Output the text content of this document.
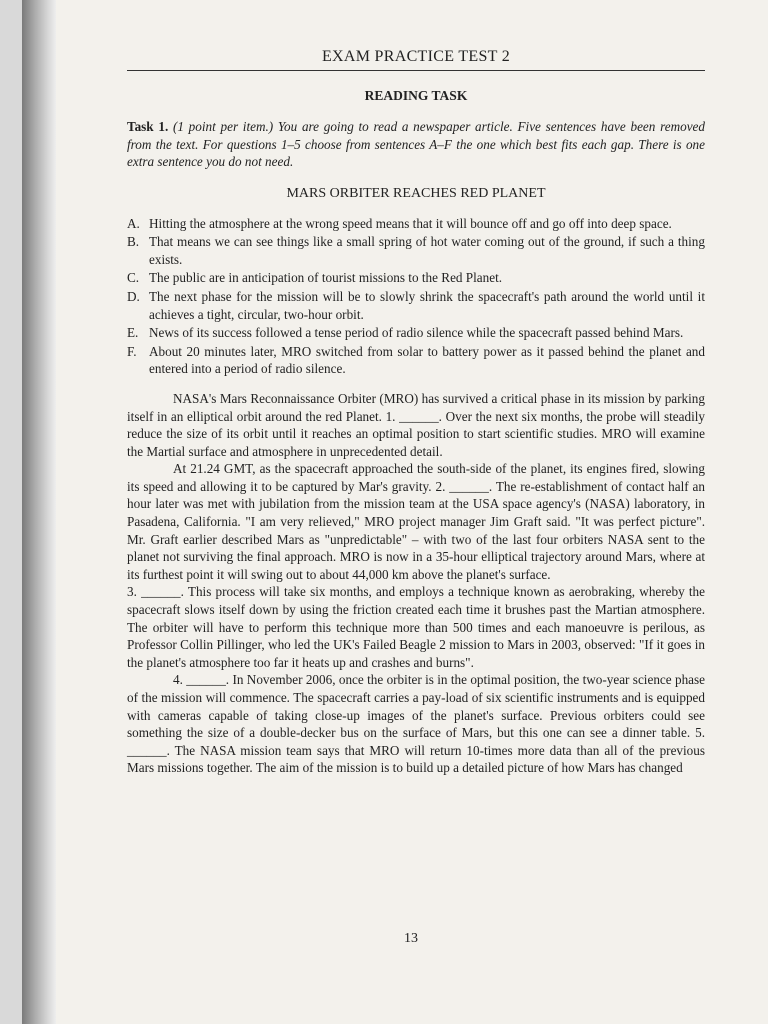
EXAM PRACTICE TEST 2
READING TASK
Task 1. (1 point per item.) You are going to read a newspaper article. Five sentences have been removed from the text. For questions 1–5 choose from sentences A–F the one which best fits each gap. There is one extra sentence you do not need.
MARS ORBITER REACHES RED PLANET
A. Hitting the atmosphere at the wrong speed means that it will bounce off and go off into deep space.
B. That means we can see things like a small spring of hot water coming out of the ground, if such a thing exists.
C. The public are in anticipation of tourist missions to the Red Planet.
D. The next phase for the mission will be to slowly shrink the spacecraft's path around the world until it achieves a tight, circular, two-hour orbit.
E. News of its success followed a tense period of radio silence while the spacecraft passed behind Mars.
F. About 20 minutes later, MRO switched from solar to battery power as it passed behind the planet and entered into a period of radio silence.

NASA's Mars Reconnaissance Orbiter (MRO) has survived a critical phase in its mission by parking itself in an elliptical orbit around the red Planet. 1. ______. Over the next six months, the probe will steadily reduce the size of its orbit until it reaches an optimal position to start scientific studies. MRO will examine the Martial surface and atmosphere in unprecedented detail.

At 21.24 GMT, as the spacecraft approached the south-side of the planet, its engines fired, slowing its speed and allowing it to be captured by Mar's gravity. 2. ______. The re-establishment of contact half an hour later was met with jubilation from the mission team at the USA space agency's (NASA) laboratory, in Pasadena, California. "I am very relieved," MRO project manager Jim Graft said. "It was perfect picture". Mr. Graft earlier described Mars as "unpredictable" – with two of the last four orbiters NASA sent to the planet not surviving the final approach. MRO is now in a 35-hour elliptical trajectory around Mars, where at its furthest point it will swing out to about 44,000 km above the planet's surface.

3. ______. This process will take six months, and employs a technique known as aerobraking, whereby the spacecraft slows itself down by using the friction created each time it brushes past the Martian atmosphere. The orbiter will have to perform this technique more than 500 times and each manoeuvre is perilous, as Professor Collin Pillinger, who led the UK's Failed Beagle 2 mission to Mars in 2003, observed: "If it goes in the planet's atmosphere too far it heats up and crashes and burns".

4. ______. In November 2006, once the orbiter is in the optimal position, the two-year science phase of the mission will commence. The spacecraft carries a pay-load of six scientific instruments and is equipped with cameras capable of taking close-up images of the planet's surface. Previous orbiters could see something the size of a double-decker bus on the surface of Mars, but this one can see a dinner table. 5. ______. The NASA mission team says that MRO will return 10-times more data than all of the previous Mars missions together. The aim of the mission is to build up a detailed picture of how Mars has changed

13
